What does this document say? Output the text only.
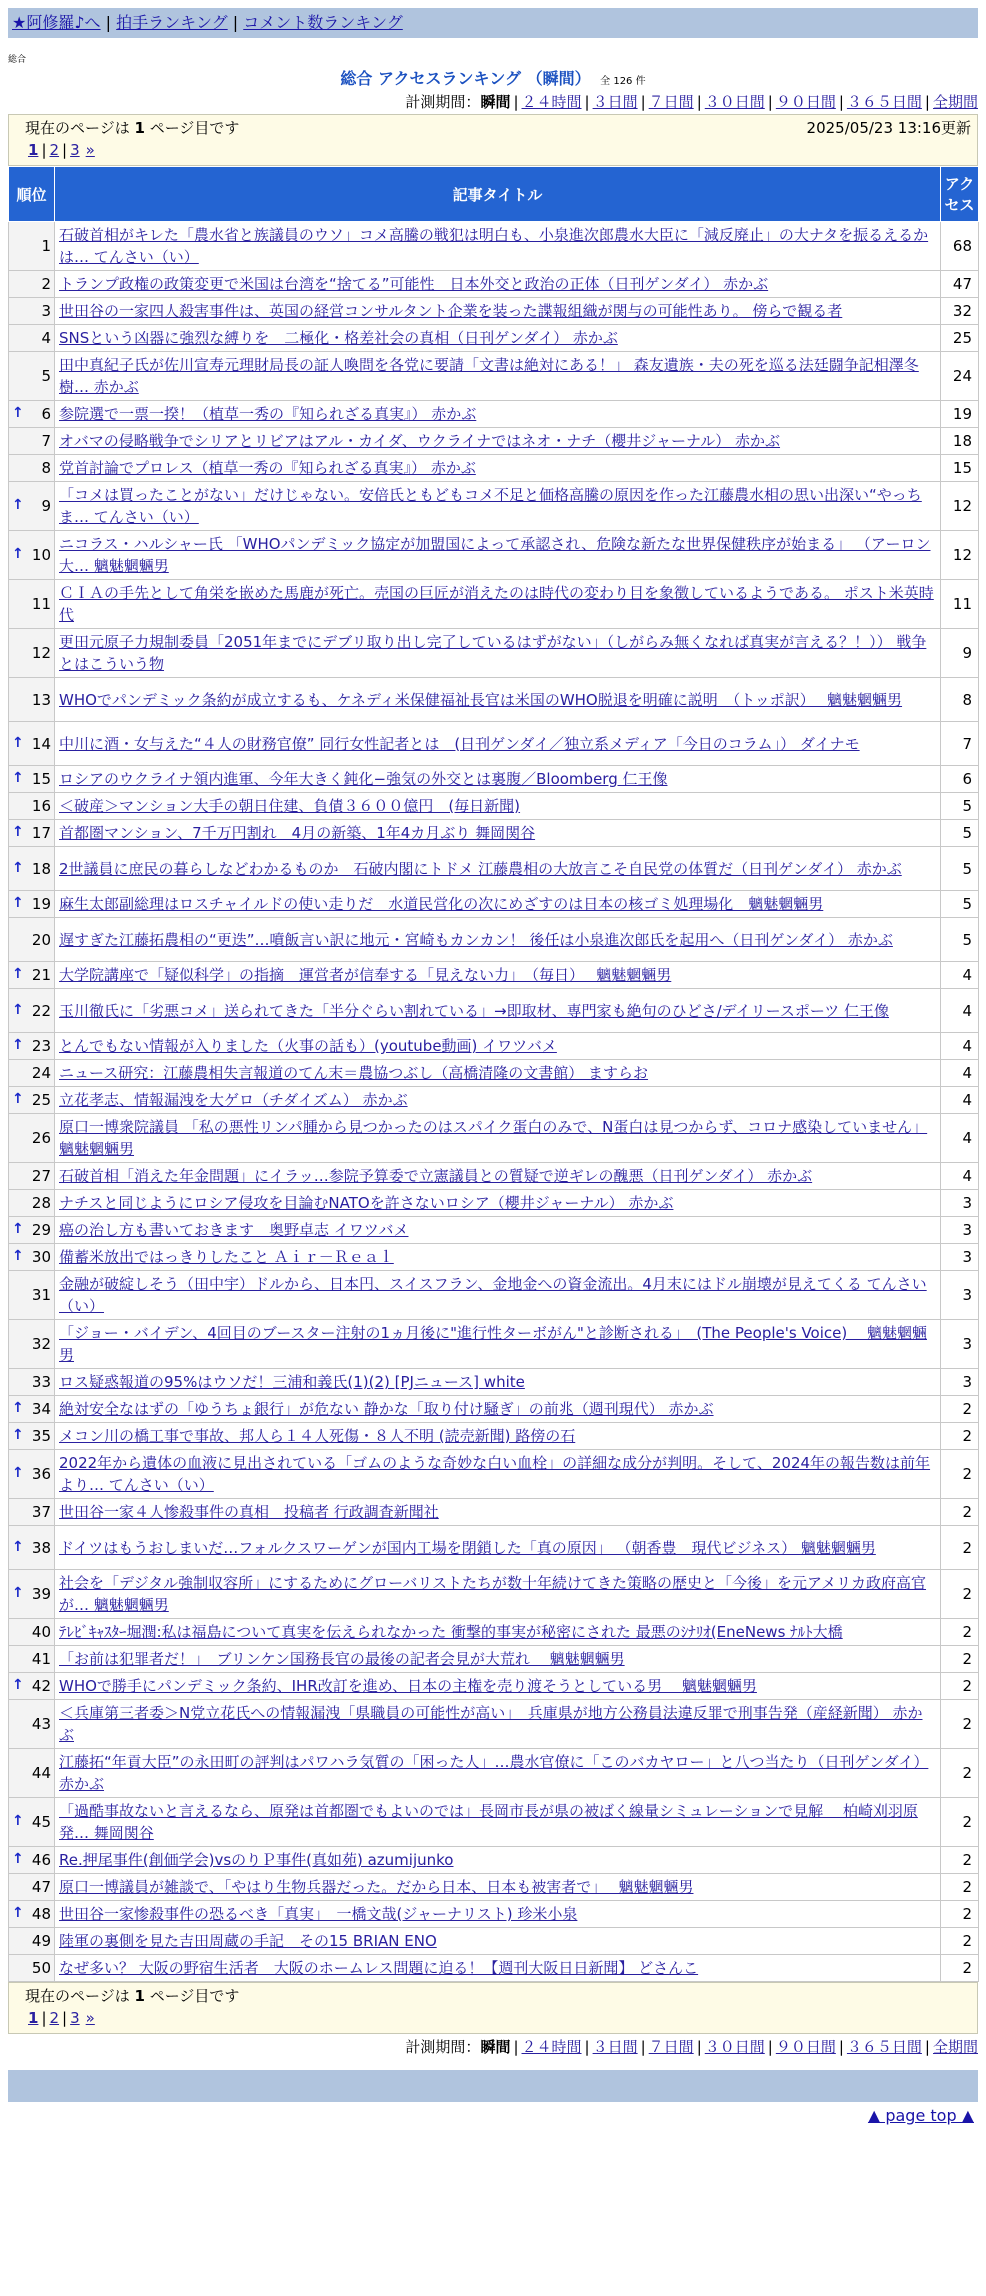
★阿修羅♪へ | 拍手ランキング | コメント数ランキング
総合
総合 アクセスランキング （瞬間） 全 126 件
計測期間：瞬間 | ２４時間 | ３日間 | ７日間 | ３０日間 | ９０日間 | ３６５日間 | 全期間
現在のページは 1 ページ目です	2025/05/23 13:16更新
1 | 2 | 3 »
順位	記事タイトル	アクセス
1	石破首相がキレた「農水省と族議員のウソ」コメ高騰の戦犯は明白も、小泉進次郎農水大臣に「減反廃止」の大ナタを振るえるかは… てんさい（い）	68
2	トランプ政権の政策変更で米国は台湾を“捨てる”可能性　日本外交と政治の正体（日刊ゲンダイ） 赤かぶ	47
3	世田谷の一家四人殺害事件は、英国の経営コンサルタント企業を装った諜報組織が関与の可能性あり。 傍らで観る者	32
4	SNSという凶器に強烈な縛りを　二極化・格差社会の真相（日刊ゲンダイ） 赤かぶ	25
5	田中真紀子氏が佐川宣寿元理財局長の証人喚問を各党に要請「文書は絶対にある！」 森友遺族・夫の死を巡る法廷闘争記相澤冬樹… 赤かぶ	24

↑ 6	参院選で一票一揆！（植草一秀の『知られざる真実』） 赤かぶ	19
7	オバマの侵略戦争でシリアとリビアはアル・カイダ、ウクライナではネオ・ナチ（櫻井ジャーナル） 赤かぶ	18
8	党首討論でプロレス（植草一秀の『知られざる真実』） 赤かぶ	15

↑ 9	「コメは買ったことがない」だけじゃない。安倍氏ともどもコメ不足と価格高騰の原因を作った江藤農水相の思い出深い“やっちま… てんさい（い）	12

↑ 10	ニコラス・ハルシャー氏 「WHOパンデミック協定が加盟国によって承認され、危険な新たな世界保健秩序が始まる」 （アーロン大… 魑魅魍魎男	12
11	ＣＩＡの手先として角栄を嵌めた馬鹿が死亡。売国の巨匠が消えたのは時代の変わり目を象徴しているようである。 ポスト米英時代	11
12	更田元原子力規制委員「2051年までにデブリ取り出し完了しているはずがない」（しがらみ無くなれば真実が言える？！）） 戦争とはこういう物	9
13	WHOでパンデミック条約が成立するも、ケネディ米保健福祉長官は米国のWHO脱退を明確に説明　（トッポ訳）　 魑魅魍魎男	8

↑ 14	中川に酒・女与えた“４人の財務官僚” 同行女性記者とは　(日刊ゲンダイ／独立系メディア「今日のコラム」） ダイナモ	7

↑ 15	ロシアのウクライナ領内進軍、今年大きく鈍化−強気の外交とは裏腹／Bloomberg 仁王像	6
16	＜破産＞マンション大手の朝日住建、負債３６００億円　(毎日新聞)	5

↑ 17	首都圏マンション、7千万円割れ　4月の新築、1年4カ月ぶり 舞岡関谷	5

↑ 18	2世議員に庶民の暮らしなどわかるものか　石破内閣にトドメ 江藤農相の大放言こそ自民党の体質だ（日刊ゲンダイ） 赤かぶ	5

↑ 19	麻生太郎副総理はロスチャイルドの使い走りだ　水道民営化の次にめざすのは日本の核ゴミ処理場化　魑魅魍魎男	5
20	遅すぎた江藤拓農相の“更迭”…噴飯言い訳に地元・宮崎もカンカン！ 後任は小泉進次郎氏を起用へ（日刊ゲンダイ） 赤かぶ	5

↑ 21	大学院講座で「疑似科学」の指摘　運営者が信奉する「見えない力」　（毎日）　 魑魅魍魎男	4

↑ 22	玉川徹氏に「劣悪コメ」送られてきた「半分ぐらい割れている」→即取材、専門家も絶句のひどさ/デイリースポーツ 仁王像	4

↑ 23	とんでもない情報が入りました（火事の話も）(youtube動画) イワツバメ	4
24	ニュース研究：江藤農相失言報道のてん末＝農協つぶし（高橋清隆の文書館） ますらお	4

↑ 25	立花孝志、情報漏洩を大ゲロ（チダイズム） 赤かぶ	4
26	原口一博衆院議員 「私の悪性リンパ腫から見つかったのはスパイク蛋白のみで、N蛋白は見つからず、コロナ感染していません」 魑魅魍魎男	4
27	石破首相「消えた年金問題」にイラッ…参院予算委で立憲議員との質疑で逆ギレの醜悪（日刊ゲンダイ） 赤かぶ	4
28	ナチスと同じようにロシア侵攻を目論むNATOを許さないロシア（櫻井ジャーナル） 赤かぶ	3

↑ 29	癌の治し方も書いておきます　奥野卓志 イワツバメ	3

↑ 30	備蓄米放出ではっきりしたこと Ａｉｒ－Ｒｅａｌ	3
31	金融が破綻しそう（田中宇）ドルから、日本円、スイスフラン、金地金への資金流出。4月末にはドル崩壊が見えてくる てんさい（い）	3
32	「ジョー・バイデン、4回目のブースター注射の1ヵ月後に"進行性ターボがん"と診断される」　(The People's Voice)　 魑魅魍魎男	3
33	ロス疑惑報道の95%はウソだ！三浦和義氏(1)(2) [PJニュース] white	3

↑ 34	絶対安全なはずの「ゆうちょ銀行」が危ない 静かな「取り付け騒ぎ」の前兆（週刊現代） 赤かぶ	2

↑ 35	メコン川の橋工事で事故、邦人ら１４人死傷・８人不明 (読売新聞) 路傍の石	2

↑ 36	2022年から遺体の血液に見出されている「ゴムのような奇妙な白い血栓」の詳細な成分が判明。そして、2024年の報告数は前年より… てんさい（い）	2
37	世田谷一家４人惨殺事件の真相　投稿者 行政調査新聞社	2

↑ 38	ドイツはもうおしまいだ…フォルクスワーゲンが国内工場を閉鎖した「真の原因」 （朝香豊　現代ビジネス） 魑魅魍魎男	2

↑ 39	社会を「デジタル強制収容所」にするためにグローバリストたちが数十年続けてきた策略の歴史と「今後」を元アメリカ政府高官が… 魑魅魍魎男	2
40	ﾃﾚﾋﾞｷｬｽﾀｰ堀潤:私は福島について真実を伝えられなかった 衝撃的事実が秘密にされた 最悪のｼﾅﾘｵ(EneNews ﾅﾙﾄ大橋	2
41	「お前は犯罪者だ！」　ブリンケン国務長官の最後の記者会見が大荒れ　 魑魅魍魎男	2

↑ 42	WHOで勝手にパンデミック条約、IHR改訂を進め、日本の主権を売り渡そうとしている男　 魑魅魍魎男	2
43	＜兵庫第三者委＞N党立花氏への情報漏洩「県職員の可能性が高い」　兵庫県が地方公務員法違反罪で刑事告発（産経新聞） 赤かぶ	2
44	江藤拓“年貢大臣”の永田町の評判はパワハラ気質の「困った人」…農水官僚に「このバカヤロー」と八つ当たり（日刊ゲンダイ） 赤かぶ	2

↑ 45	「過酷事故ないと言えるなら、原発は首都圏でもよいのでは」長岡市長が県の被ばく線量シミュレーションで見解　 柏崎刈羽原発… 舞岡関谷	2

↑ 46	Re.押尾事件(創価学会)vsのりＰ事件(真如苑) azumijunko	2
47	原口一博議員が雑談で、「やはり生物兵器だった。だから日本、日本も被害者で」　 魑魅魍魎男	2

↑ 48	世田谷一家惨殺事件の恐るべき「真実」　一橋文哉(ジャーナリスト) 珍米小泉	2
49	陸軍の裏側を見た吉田周蔵の手記　その15 BRIAN ENO	2
50	なぜ多い？ 大阪の野宿生活者　大阪のホームレス問題に迫る！【週刊大阪日日新聞】 どさんこ	2
現在のページは 1 ページ目です
1 | 2 | 3 »
計測期間：瞬間 | ２４時間 | ３日間 | ７日間 | ３０日間 | ９０日間 | ３６５日間 | 全期間
▲ page top ▲
